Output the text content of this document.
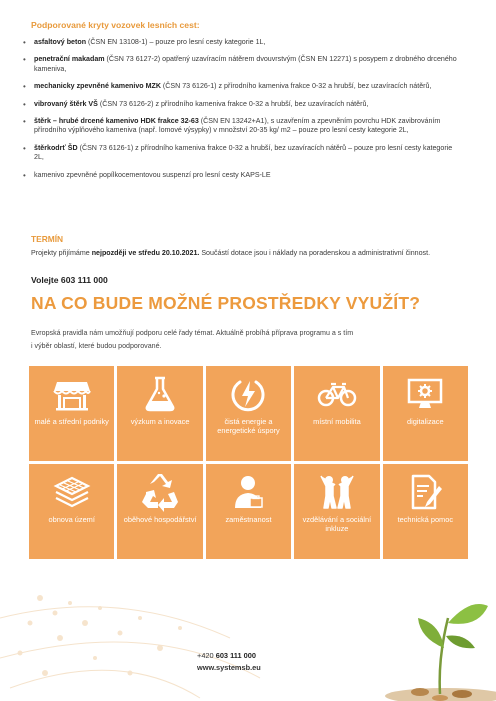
Podporované kryty vozovek lesních cest:
• asfaltový beton (ČSN EN 13108-1) – pouze pro lesní cesty kategorie 1L,
• penetrační makadam (ČSN 73 6127-2) opatřený uzavíracím nátěrem dvouvrstvým (ČSN EN 12271) s posypem z drobného drceného kameniva,
• mechanicky zpevněné kamenivo MZK (ČSN 73 6126-1) z přírodního kameniva frakce 0-32 a hrubší, bez uzavíracích nátěrů,
• vibrovaný štěrk VŠ (ČSN 73 6126-2) z přírodního kameniva frakce 0-32 a hrubší, bez uzavíracích nátěrů,
• štěrk – hrubé drcené kamenivo HDK frakce 32-63 (ČSN EN 13242+A1), s uzavřením a zpevněním povrchu HDK zavibrováním přírodního výplňového kameniva (např. lomové výsypky) v množství 20-35 kg/ m2 – pouze pro lesní cesty kategorie 2L,
• štěrkodrť ŠD (ČSN 73 6126-1) z přírodního kameniva frakce 0-32 a hrubší, bez uzavíracích nátěrů – pouze pro lesní cesty kategorie 2L,
• kamenivo zpevněné popílkocementovou suspenzí pro lesní cesty KAPS-LE
TERMÍN
Projekty přijímáme nejpozději ve středu 20.10.2021. Součástí dotace jsou i náklady na poradenskou a administrativní činnost.
Volejte 603 111 000
NA CO BUDE MOŽNÉ PROSTŘEDKY VYUŽÍT?
Evropská pravidla nám umožňují podporu celé řady témat. Aktuálně probíhá příprava programu a s tím
i výběr oblastí, které budou podporované.
malé a střední podniky	výzkum a inovace	čistá energie a energetické úspory
místní mobilita	digitalizace
obnova území	oběhové hospodářství	zaměstnanost	vzdělávání a sociální inkluze
technická pomoc
+420 603 111 000
www.systemsb.eu
